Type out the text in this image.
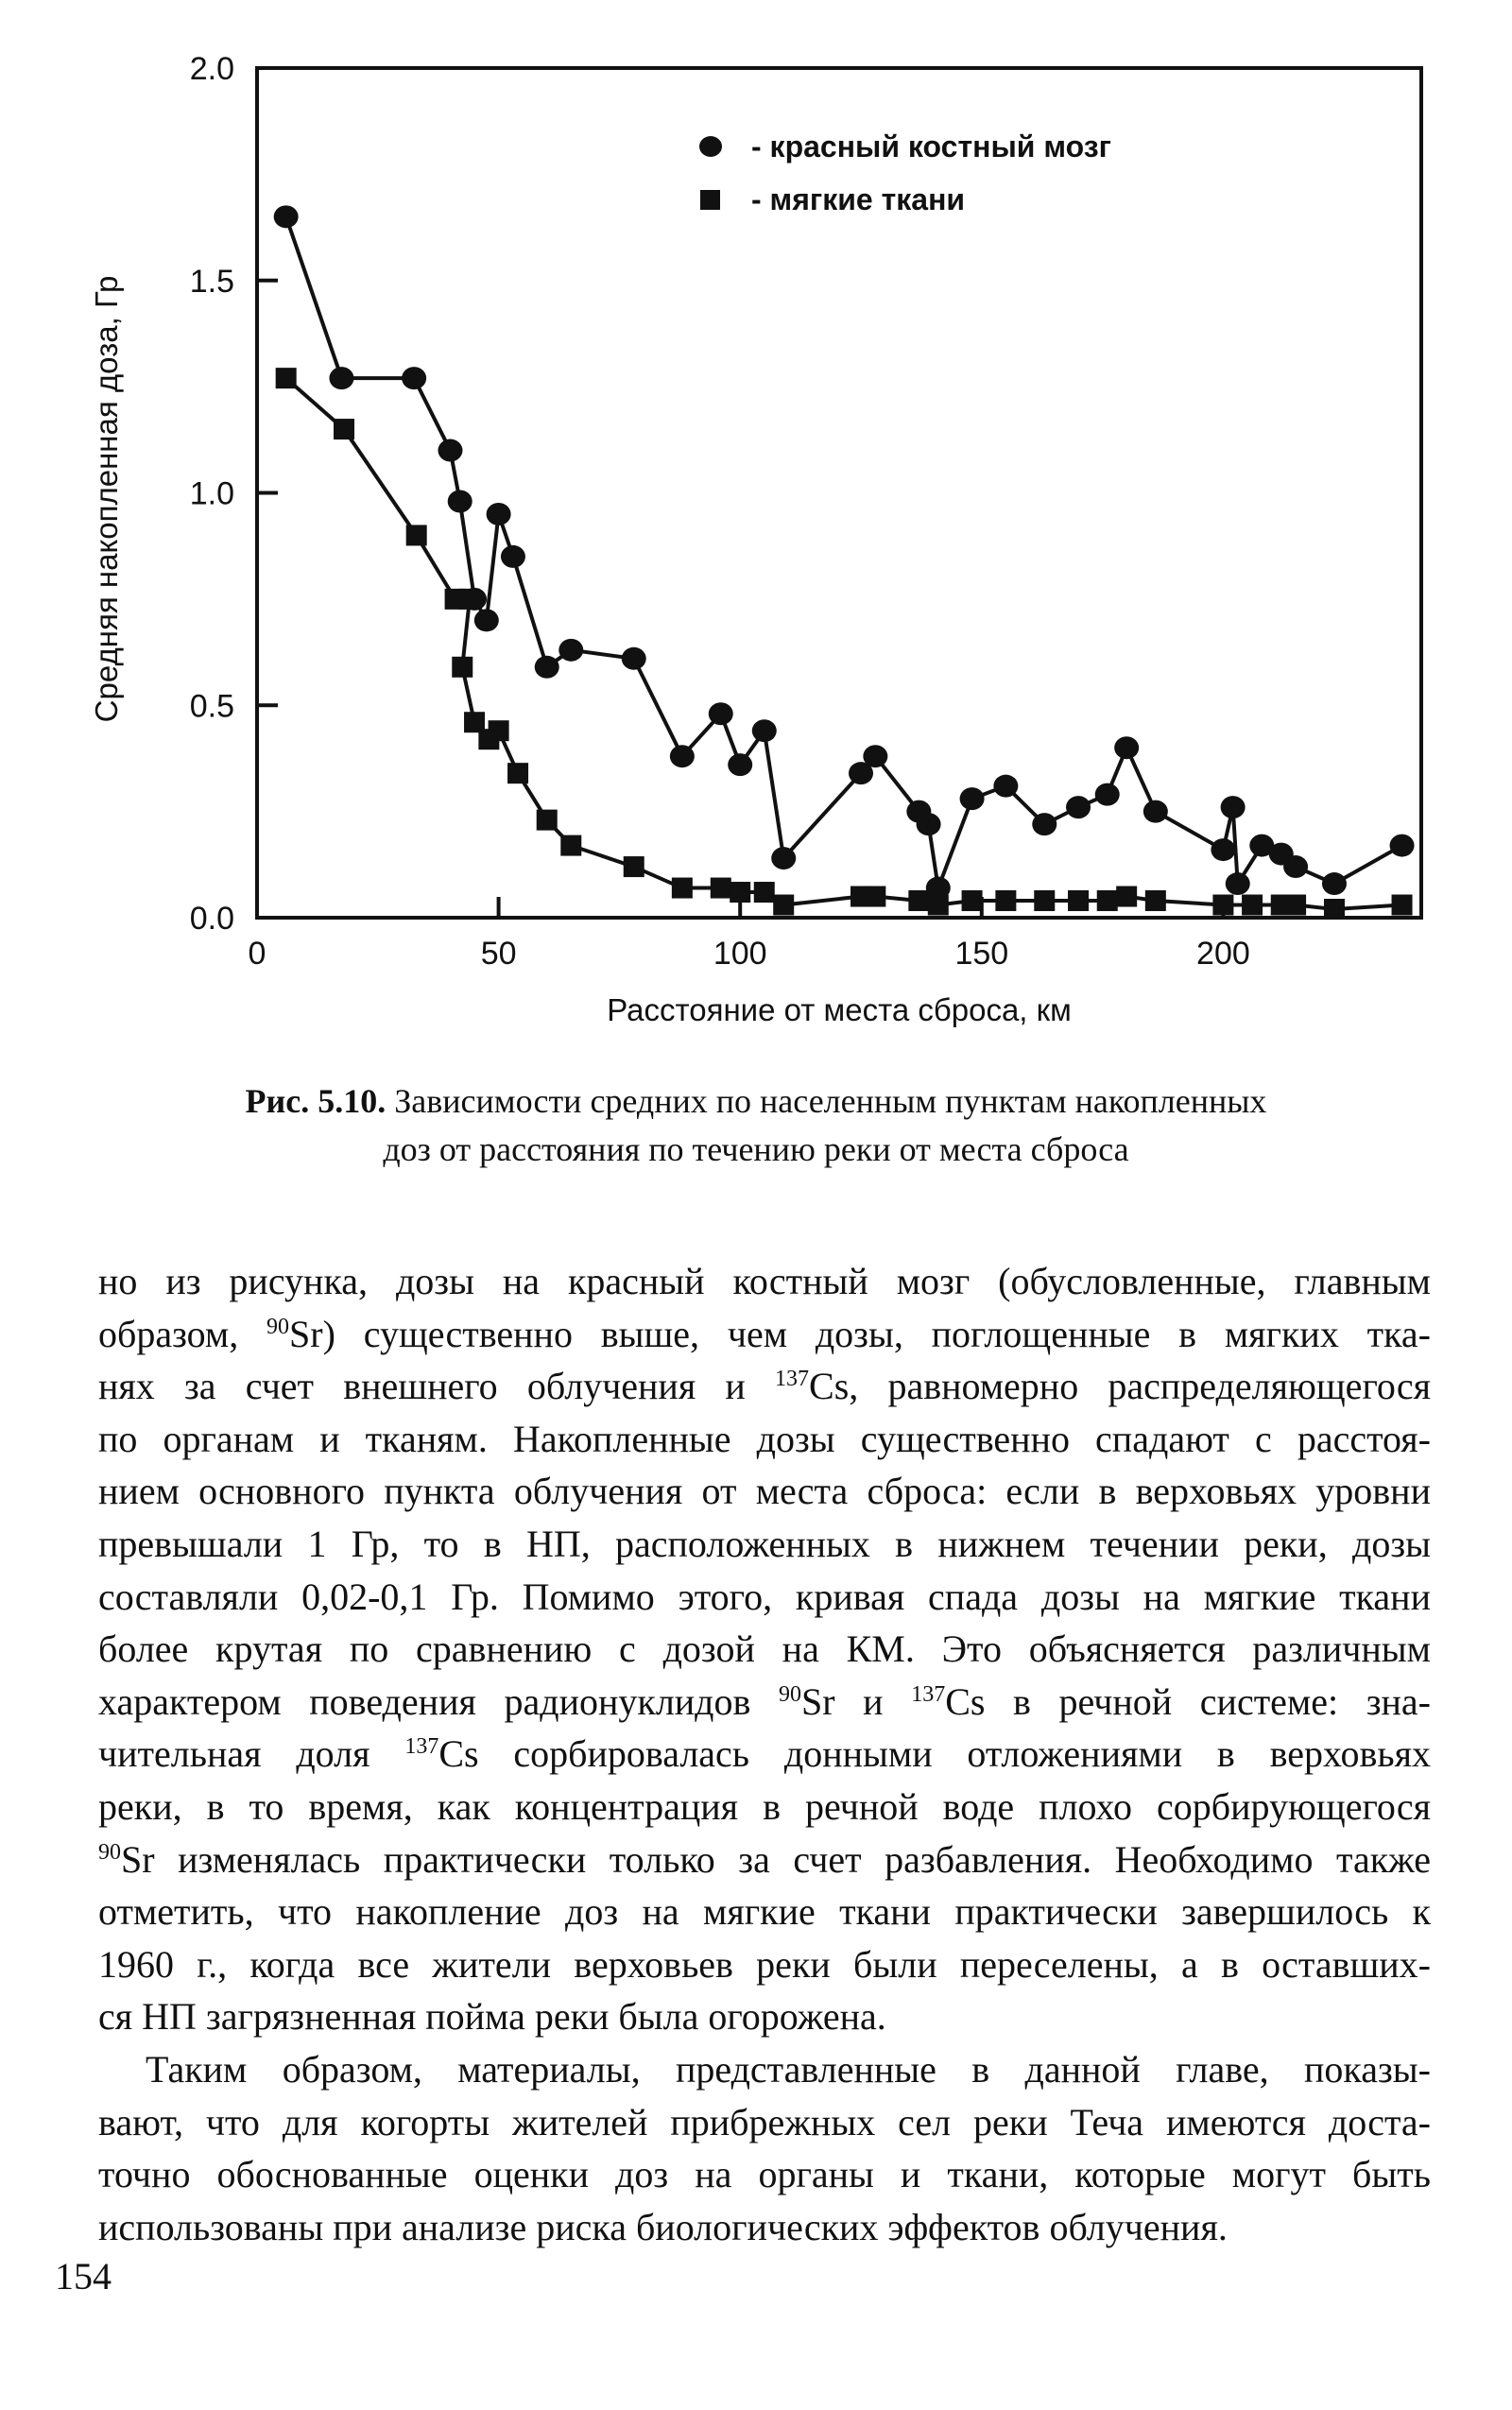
0.0
0.5
1.0
1.5
2.0
0	50	100	150	200
- красный костный мозг
- мягкие ткани
Расстояние от места сброса, км
Средняя накопленная доза, Гр
Рис. 5.10. Зависимости средних по населенным пунктам накопленных
доз от расстояния по течению реки от места сброса
но из рисунка, дозы на красный костный мозг (обусловленные, главным
образом, $^{90}$Sr) существенно выше, чем дозы, поглощенные в мягких тка-
нях за счет внешнего облучения и $^{137}$Cs, равномерно распределяющегося
по органам и тканям. Накопленные дозы существенно спадают с расстоя-
нием основного пункта облучения от места сброса: если в верховьях уровни
превышали 1 Гр, то в НП, расположенных в нижнем течении реки, дозы
составляли 0,02-0,1 Гр. Помимо этого, кривая спада дозы на мягкие ткани
более крутая по сравнению с дозой на КМ. Это объясняется различным
характером поведения радионуклидов $^{90}$Sr и $^{137}$Cs в речной системе: зна-
чительная доля $^{137}$Cs сорбировалась донными отложениями в верховьях
реки, в то время, как концентрация в речной воде плохо сорбирующегося
$^{90}$Sr изменялась практически только за счет разбавления. Необходимо также
отметить, что накопление доз на мягкие ткани практически завершилось к
1960 г., когда все жители верховьев реки были переселены, а в оставших-
ся НП загрязненная пойма реки была огорожена.
Таким образом, материалы, представленные в данной главе, показы-
вают, что для когорты жителей прибрежных сел реки Теча имеются доста-
точно обоснованные оценки доз на органы и ткани, которые могут быть
использованы при анализе риска биологических эффектов облучения.
154
